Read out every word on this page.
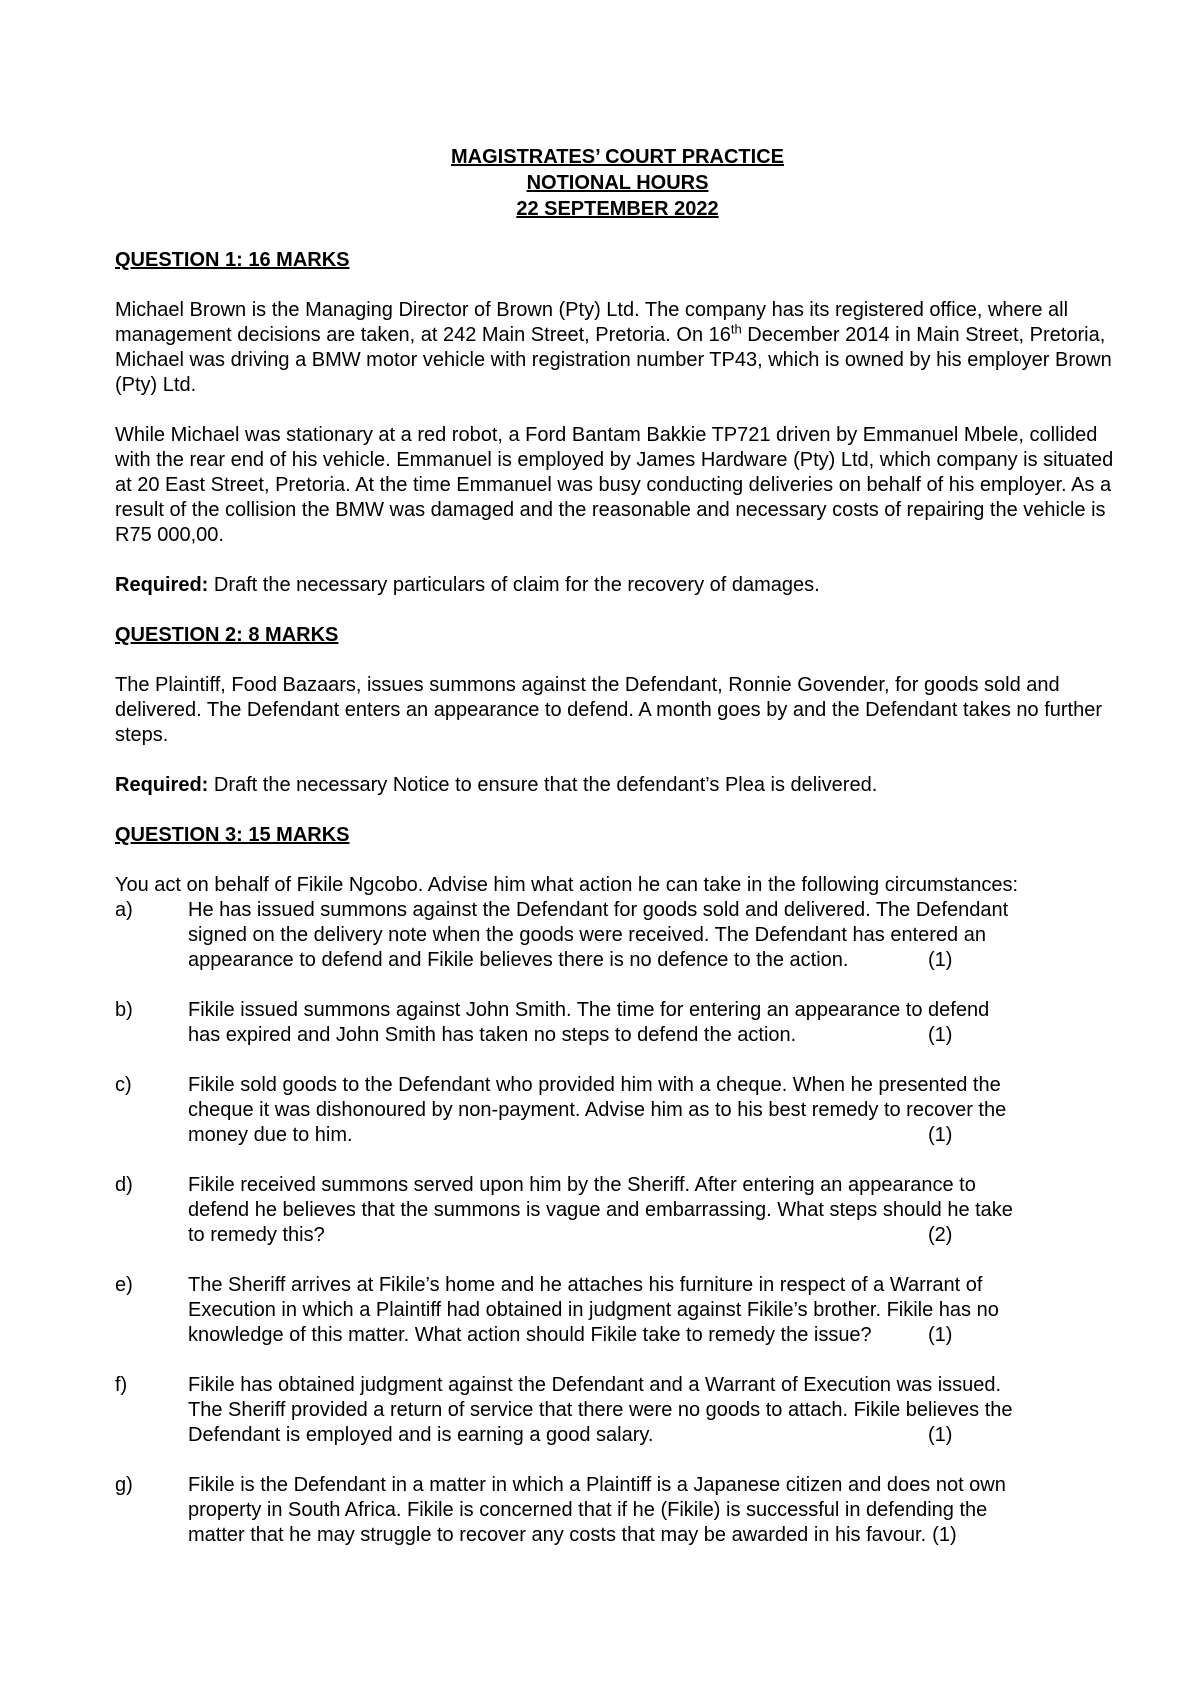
MAGISTRATES’ COURT PRACTICE
NOTIONAL HOURS
22 SEPTEMBER 2022
QUESTION 1: 16 MARKS
Michael Brown is the Managing Director of Brown (Pty) Ltd. The company has its registered office, where all management decisions are taken, at 242 Main Street, Pretoria. On 16th December 2014 in Main Street, Pretoria, Michael was driving a BMW motor vehicle with registration number TP43, which is owned by his employer Brown (Pty) Ltd.
While Michael was stationary at a red robot, a Ford Bantam Bakkie TP721 driven by Emmanuel Mbele, collided with the rear end of his vehicle. Emmanuel is employed by James Hardware (Pty) Ltd, which company is situated at 20 East Street, Pretoria. At the time Emmanuel was busy conducting deliveries on behalf of his employer. As a result of the collision the BMW was damaged and the reasonable and necessary costs of repairing the vehicle is R75 000,00.
Required: Draft the necessary particulars of claim for the recovery of damages.
QUESTION 2: 8 MARKS
The Plaintiff, Food Bazaars, issues summons against the Defendant, Ronnie Govender, for goods sold and delivered. The Defendant enters an appearance to defend. A month goes by and the Defendant takes no further steps.
Required: Draft the necessary Notice to ensure that the defendant’s Plea is delivered.
QUESTION 3: 15 MARKS
You act on behalf of Fikile Ngcobo. Advise him what action he can take in the following circumstances:
a)	He has issued summons against the Defendant for goods sold and delivered. The Defendant
signed on the delivery note when the goods were received. The Defendant has entered an
appearance to defend and Fikile believes there is no defence to the action.	(1)
b)	Fikile issued summons against John Smith. The time for entering an appearance to defend
has expired and John Smith has taken no steps to defend the action.	(1)
c)	Fikile sold goods to the Defendant who provided him with a cheque. When he presented the
cheque it was dishonoured by non-payment. Advise him as to his best remedy to recover the
money due to him.	(1)
d)	Fikile received summons served upon him by the Sheriff. After entering an appearance to
defend he believes that the summons is vague and embarrassing. What steps should he take
to remedy this?	(2)
e)	The Sheriff arrives at Fikile’s home and he attaches his furniture in respect of a Warrant of
Execution in which a Plaintiff had obtained in judgment against Fikile’s brother. Fikile has no
knowledge of this matter. What action should Fikile take to remedy the issue?	(1)
f)	Fikile has obtained judgment against the Defendant and a Warrant of Execution was issued.
The Sheriff provided a return of service that there were no goods to attach. Fikile believes the
Defendant is employed and is earning a good salary.	(1)
g)	Fikile is the Defendant in a matter in which a Plaintiff is a Japanese citizen and does not own
property in South Africa. Fikile is concerned that if he (Fikile) is successful in defending the
matter that he may struggle to recover any costs that may be awarded in his favour. (1)
